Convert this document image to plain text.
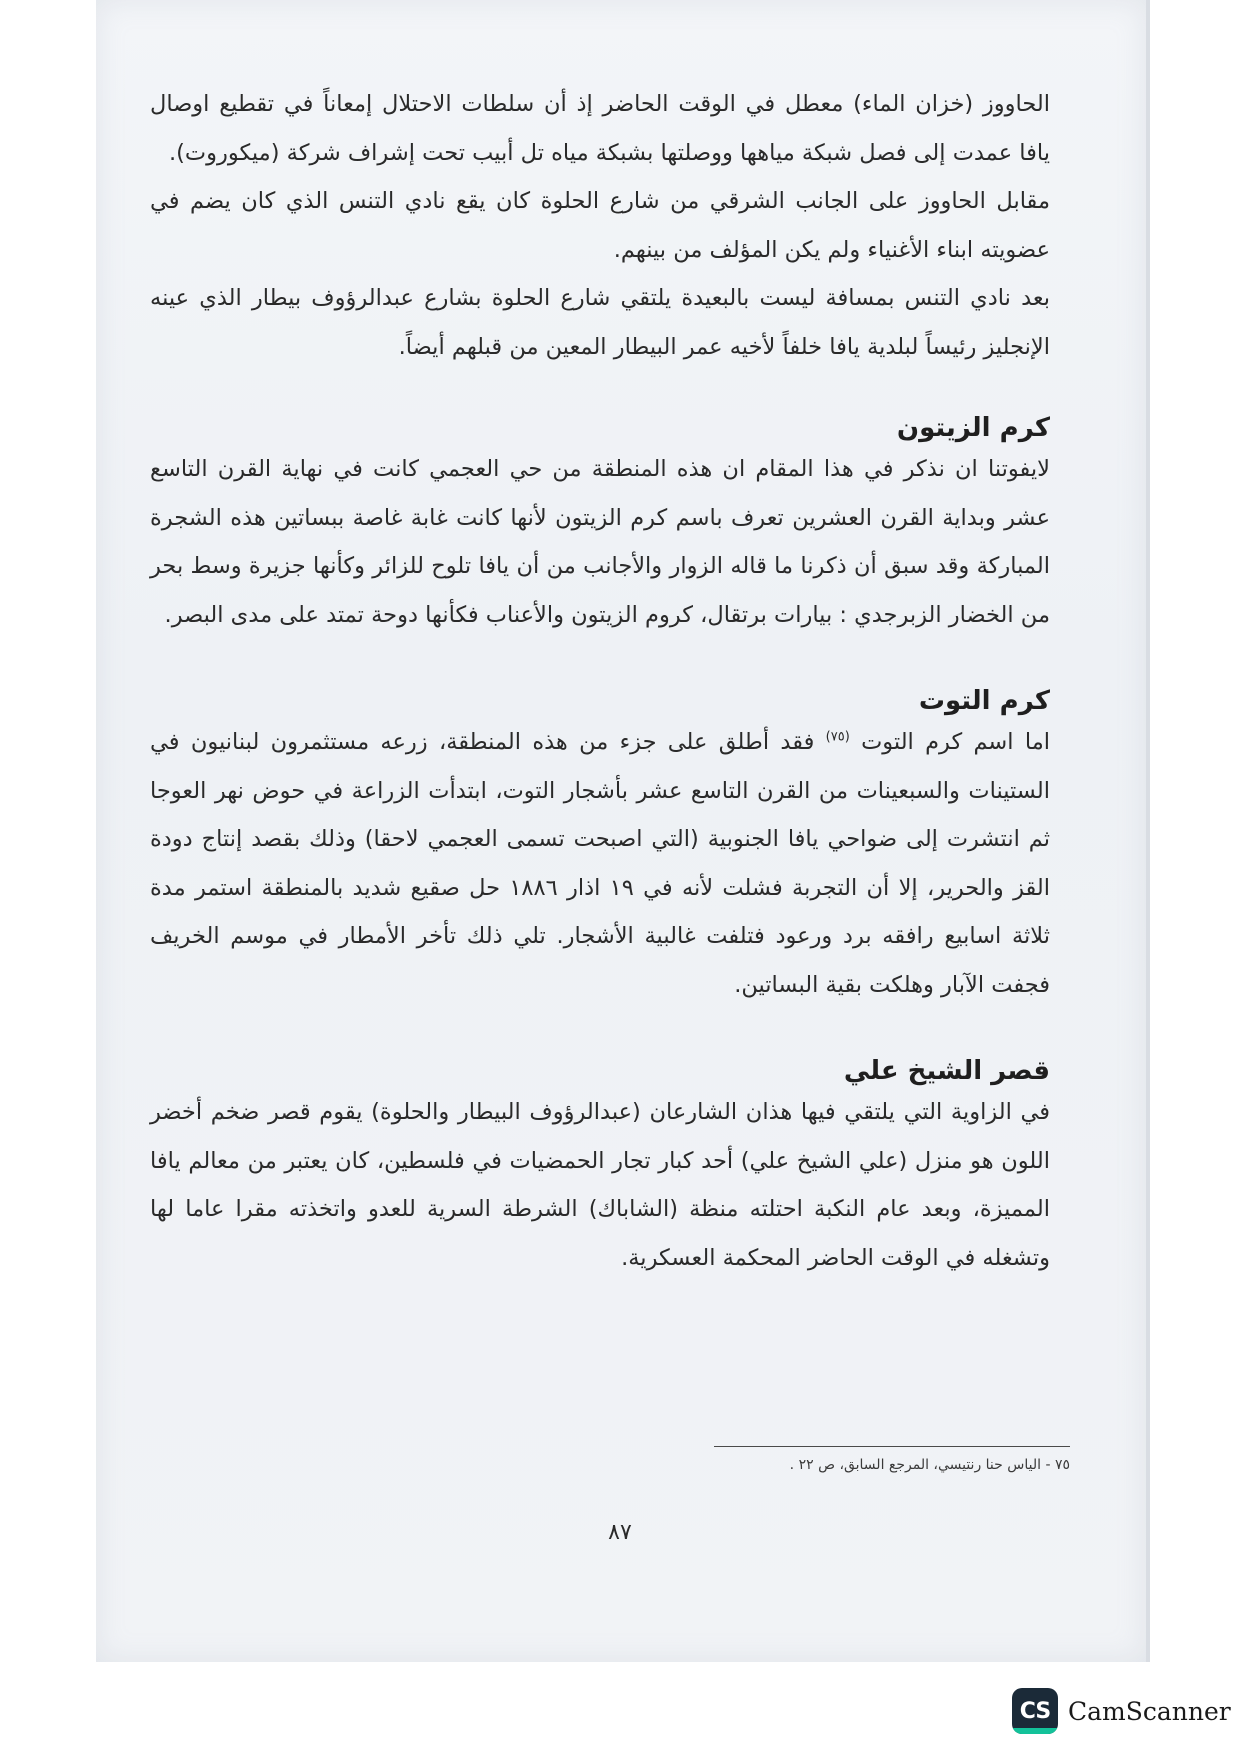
الحاووز (خزان الماء) معطل في الوقت الحاضر إذ أن سلطات الاحتلال إمعاناً في تقطيع اوصال يافا عمدت إلى فصل شبكة مياهها ووصلتها بشبكة مياه تل أبيب تحت إشراف شركة (ميكوروت).

مقابل الحاووز على الجانب الشرقي من شارع الحلوة كان يقع نادي التنس الذي كان يضم في عضويته ابناء الأغنياء ولم يكن المؤلف من بينهم.

بعد نادي التنس بمسافة ليست بالبعيدة يلتقي شارع الحلوة بشارع عبدالرؤوف بيطار الذي عينه الإنجليز رئيساً لبلدية يافا خلفاً لأخيه عمر البيطار المعين من قبلهم أيضاً.

كرم الزيتون

لايفوتنا ان نذكر في هذا المقام ان هذه المنطقة من حي العجمي كانت في نهاية القرن التاسع عشر وبداية القرن العشرين تعرف باسم كرم الزيتون لأنها كانت غابة غاصة ببساتين هذه الشجرة المباركة وقد سبق أن ذكرنا ما قاله الزوار والأجانب من أن يافا تلوح للزائر وكأنها جزيرة وسط بحر من الخضار الزبرجدي : بيارات برتقال، كروم الزيتون والأعناب فكأنها دوحة تمتد على مدى البصر.

كرم التوت

اما اسم كرم التوت $^{(٧٥)}$ فقد أطلق على جزء من هذه المنطقة، زرعه مستثمرون لبنانيون في الستينات والسبعينات من القرن التاسع عشر بأشجار التوت، ابتدأت الزراعة في حوض نهر العوجا ثم انتشرت إلى ضواحي يافا الجنوبية (التي اصبحت تسمى العجمي لاحقا) وذلك بقصد إنتاج دودة القز والحرير، إلا أن التجربة فشلت لأنه في ١٩ اذار ١٨٨٦ حل صقيع شديد بالمنطقة استمر مدة ثلاثة اسابيع رافقه برد ورعود فتلفت غالبية الأشجار. تلي ذلك تأخر الأمطار في موسم الخريف فجفت الآبار وهلكت بقية البساتين.

قصر الشيخ علي

في الزاوية التي يلتقي فيها هذان الشارعان (عبدالرؤوف البيطار والحلوة) يقوم قصر ضخم أخضر اللون هو منزل (علي الشيخ علي) أحد كبار تجار الحمضيات في فلسطين، كان يعتبر من معالم يافا المميزة، وبعد عام النكبة احتلته منظة (الشاباك) الشرطة السرية للعدو واتخذته مقرا عاما لها وتشغله في الوقت الحاضر المحكمة العسكرية.

٧٥ - الياس حنا رنتيسي، المرجع السابق، ص ٢٢ .
٨٧
CS CamScanner
